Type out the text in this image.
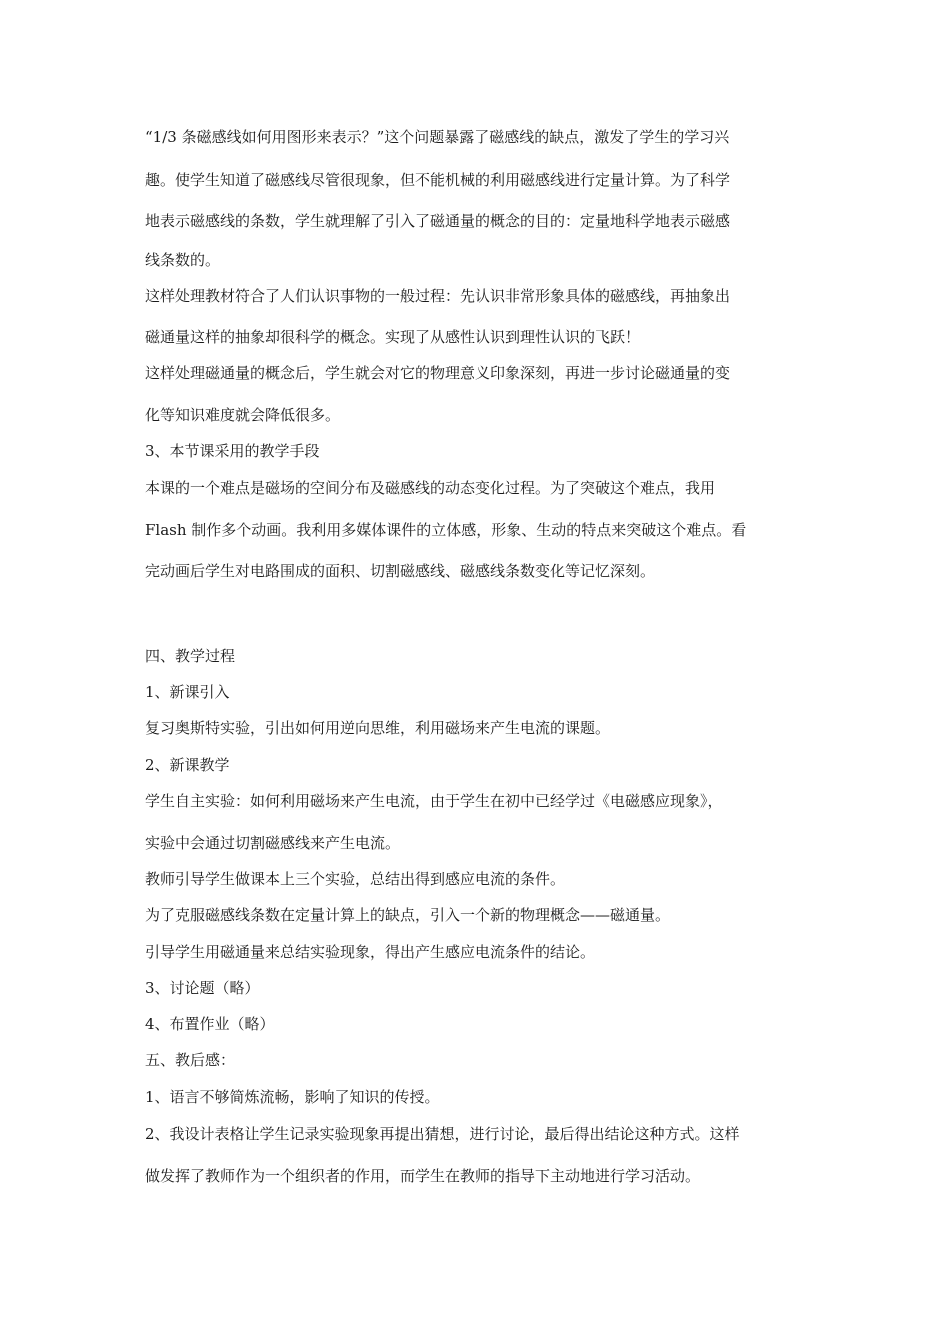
“1/3 条磁感线如何用图形来表示？”这个问题暴露了磁感线的缺点，激发了学生的学习兴
趣。使学生知道了磁感线尽管很现象，但不能机械的利用磁感线进行定量计算。为了科学
地表示磁感线的条数，学生就理解了引入了磁通量的概念的目的：定量地科学地表示磁感
线条数的。
这样处理教材符合了人们认识事物的一般过程：先认识非常形象具体的磁感线，再抽象出
磁通量这样的抽象却很科学的概念。实现了从感性认识到理性认识的飞跃！
这样处理磁通量的概念后，学生就会对它的物理意义印象深刻，再进一步讨论磁通量的变
化等知识难度就会降低很多。
3、本节课采用的教学手段
本课的一个难点是磁场的空间分布及磁感线的动态变化过程。为了突破这个难点，我用
Flash 制作多个动画。我利用多媒体课件的立体感，形象、生动的特点来突破这个难点。看
完动画后学生对电路围成的面积、切割磁感线、磁感线条数变化等记忆深刻。
四、教学过程
1、新课引入
复习奥斯特实验，引出如何用逆向思维，利用磁场来产生电流的课题。
2、新课教学
学生自主实验：如何利用磁场来产生电流，由于学生在初中已经学过《电磁感应现象》，
实验中会通过切割磁感线来产生电流。
教师引导学生做课本上三个实验，总结出得到感应电流的条件。
为了克服磁感线条数在定量计算上的缺点，引入一个新的物理概念——磁通量。
引导学生用磁通量来总结实验现象，得出产生感应电流条件的结论。
3、讨论题（略）
4、布置作业（略）
五、教后感：
1、语言不够简炼流畅，影响了知识的传授。
2、我设计表格让学生记录实验现象再提出猜想，进行讨论，最后得出结论这种方式。这样
做发挥了教师作为一个组织者的作用，而学生在教师的指导下主动地进行学习活动。
